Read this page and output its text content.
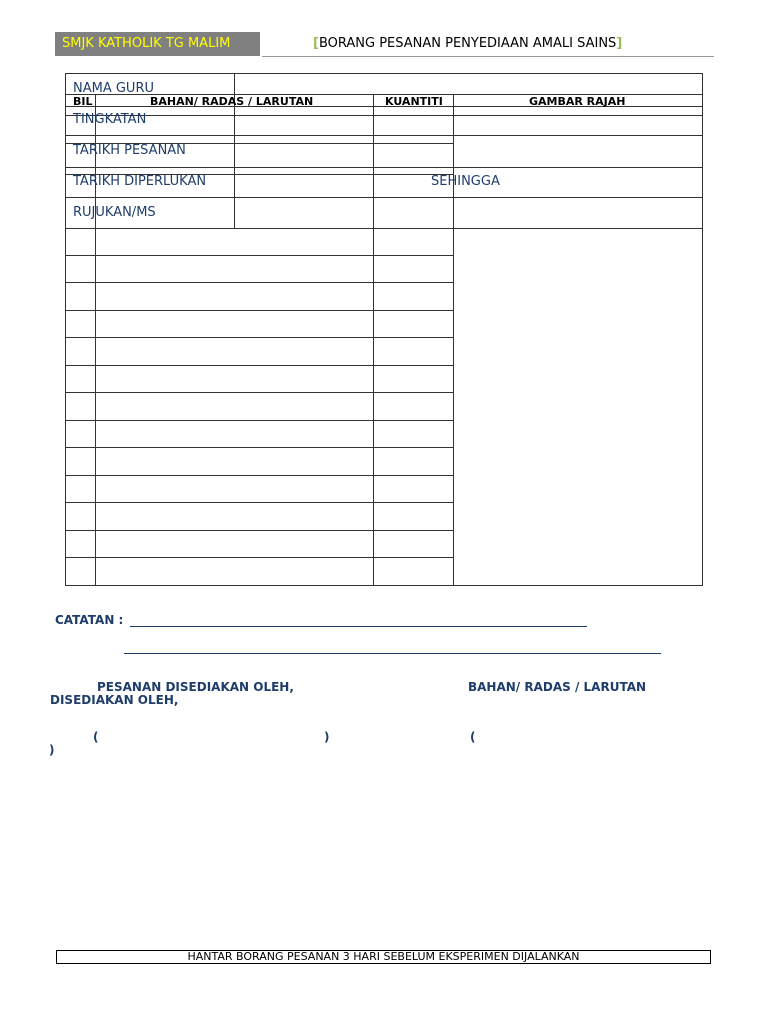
SMJK KATHOLIK TG MALIM	[BORANG PESANAN PENYEDIAAN AMALI SAINS]
BIL	BAHAN/ RADAS / LARUTAN	KUANTITI	GAMBAR RAJAH
NAMA GURU
TINGKATAN
TARIKH PESANAN
TARIKH DIPERLUKAN	SEHINGGA
RUJUKAN/MS
CATATAN :
PESANAN DISEDIAKAN OLEH,	BAHAN/ RADAS / LARUTAN
DISEDIAKAN OLEH,
(	)	(
)
HANTAR BORANG PESANAN 3 HARI SEBELUM EKSPERIMEN DIJALANKAN
